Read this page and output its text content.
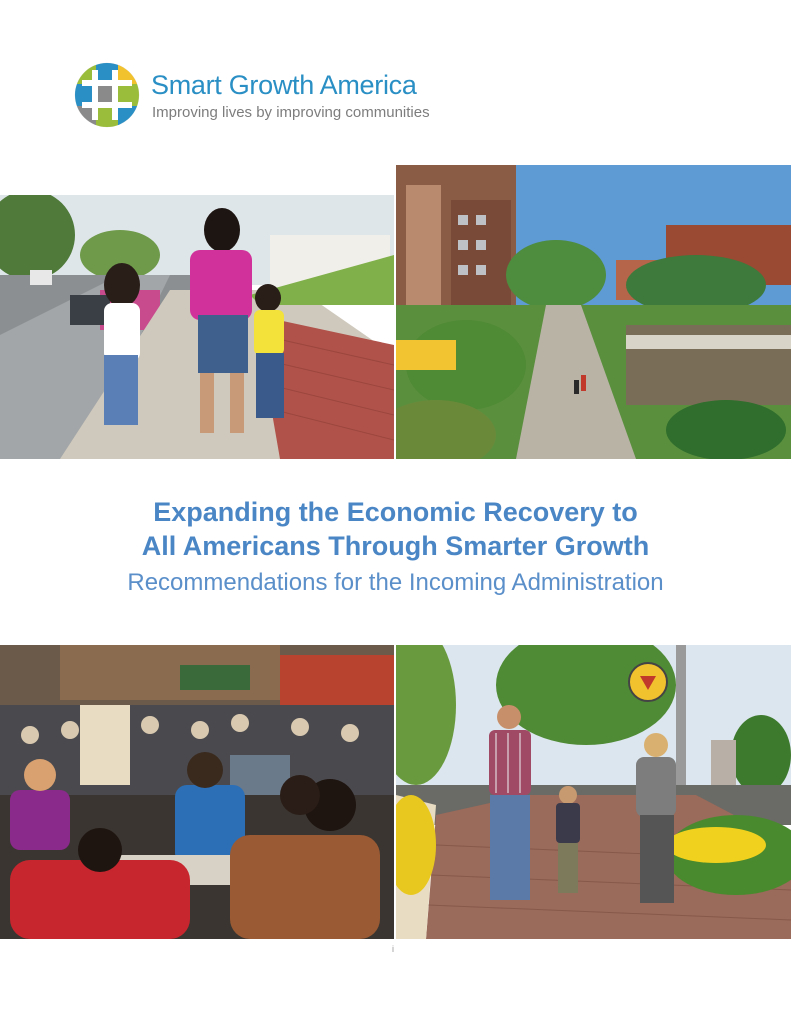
Smart Growth America
Improving lives by improving communities
Expanding the Economic Recovery to
All Americans Through Smarter Growth
Recommendations for the Incoming Administration
i
